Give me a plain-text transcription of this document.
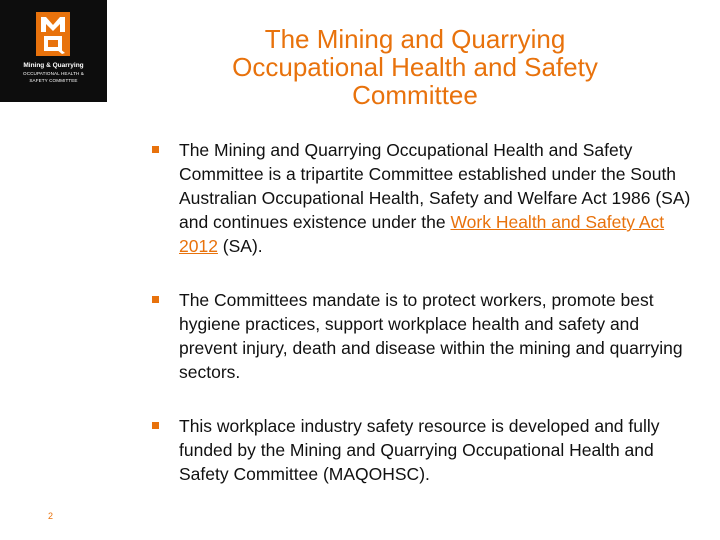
Mining & Quarrying
OCCUPATIONAL HEALTH &
SAFETY COMMITTEE
The Mining and Quarrying
Occupational Health and Safety
Committee
The Mining and Quarrying Occupational Health and Safety Committee is a tripartite Committee established under the South Australian Occupational Health, Safety and Welfare Act 1986 (SA) and continues existence under the Work Health and Safety Act 2012 (SA).
The Committees mandate is to protect workers, promote best hygiene practices, support workplace health and safety and prevent injury, death and disease within the mining and quarrying sectors.
This workplace industry safety resource is developed and fully funded by the Mining and Quarrying Occupational Health and Safety Committee (MAQOHSC).
2
